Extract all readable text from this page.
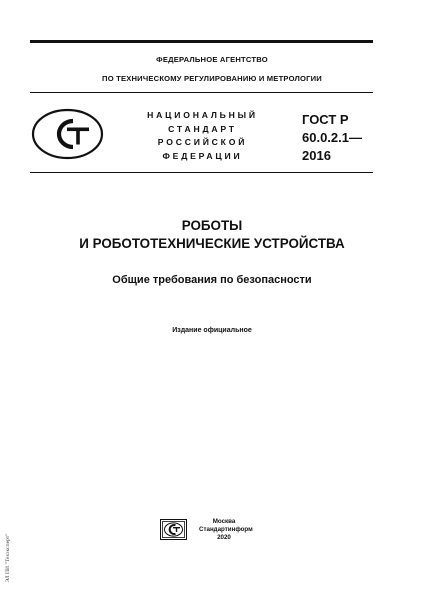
ФЕДЕРАЛЬНОЕ АГЕНТСТВО
ПО ТЕХНИЧЕСКОМУ РЕГУЛИРОВАНИЮ И МЕТРОЛОГИИ
НАЦИОНАЛЬНЫЙ
СТАНДАРТ
РОССИЙСКОЙ
ФЕДЕРАЦИИ
ГОСТ Р
60.0.2.1—
2016
РОБОТЫ
И РОБОТОТЕХНИЧЕСКИЕ УСТРОЙСТВА
Общие требования по безопасности
Издание официальное
Москва
Стандартинформ
2020
ЭЛ ПИ "Техэксперт"
